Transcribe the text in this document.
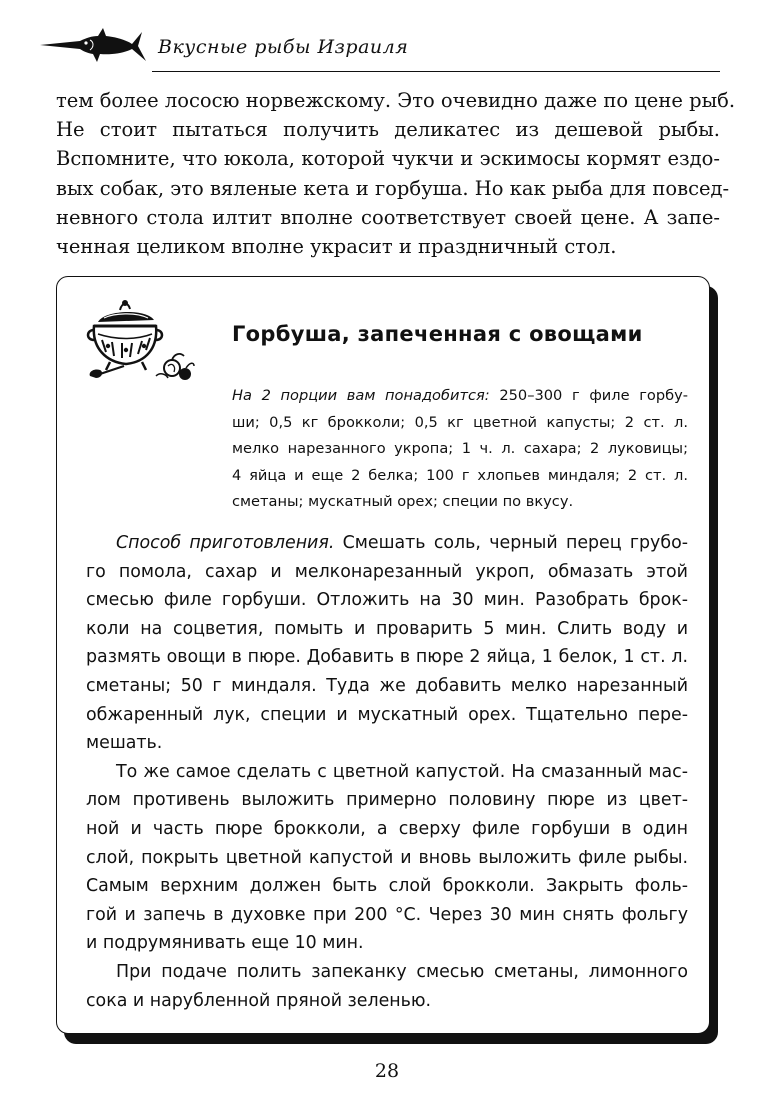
Вкусные рыбы Израиля
тем более лососю норвежскому. Это очевидно даже по цене рыб.
Не стоит пытаться получить деликатес из дешевой рыбы.
Вспомните, что юкола, которой чукчи и эскимосы кормят ездо-
вых собак, это вяленые кета и горбуша. Но как рыба для повсед-
невного стола илтит вполне соответствует своей цене. А запе-
ченная целиком вполне украсит и праздничный стол.
Горбуша, запеченная с овощами
На 2 порции вам понадобится: 250–300 г филе горбу-
ши; 0,5 кг брокколи; 0,5 кг цветной капусты; 2 ст. л.
мелко нарезанного укропа; 1 ч. л. сахара; 2 луковицы;
4 яйца и еще 2 белка; 100 г хлопьев миндаля; 2 ст. л.
сметаны; мускатный орех; специи по вкусу.
Способ приготовления. Смешать соль, черный перец грубо-
го помола, сахар и мелконарезанный укроп, обмазать этой
смесью филе горбуши. Отложить на 30 мин. Разобрать брок-
коли на соцветия, помыть и проварить 5 мин. Слить воду и
размять овощи в пюре. Добавить в пюре 2 яйца, 1 белок, 1 ст. л.
сметаны; 50 г миндаля. Туда же добавить мелко нарезанный
обжаренный лук, специи и мускатный орех. Тщательно пере-
мешать.
То же самое сделать с цветной капустой. На смазанный мас-
лом противень выложить примерно половину пюре из цвет-
ной и часть пюре брокколи, а сверху филе горбуши в один
слой, покрыть цветной капустой и вновь выложить филе рыбы.
Самым верхним должен быть слой брокколи. Закрыть фоль-
гой и запечь в духовке при 200 °С. Через 30 мин снять фольгу
и подрумянивать еще 10 мин.
При подаче полить запеканку смесью сметаны, лимонного
сока и нарубленной пряной зеленью.
28
